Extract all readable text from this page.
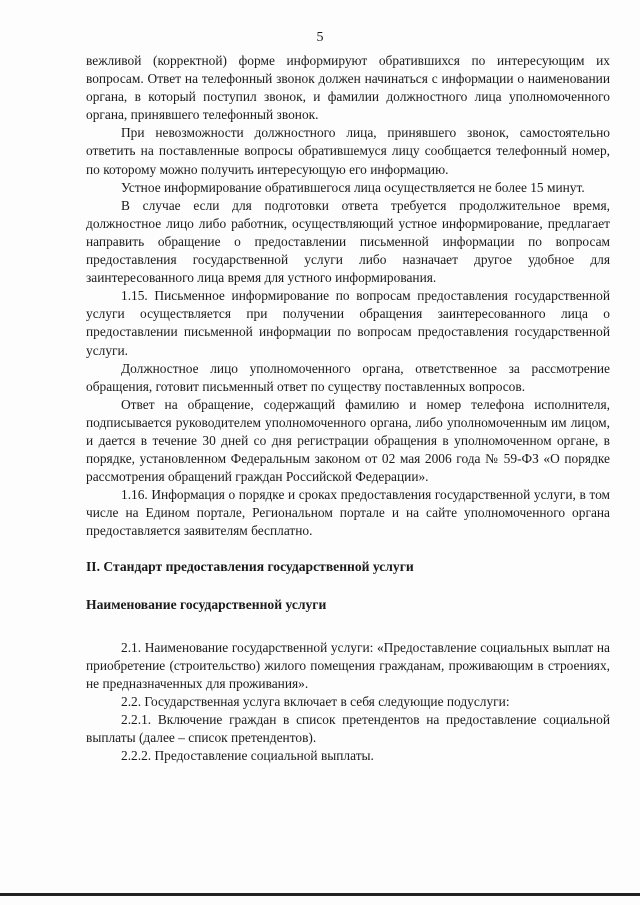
5

вежливой (корректной) форме информируют обратившихся по интересующим их вопросам. Ответ на телефонный звонок должен начинаться с информации о наименовании органа, в который поступил звонок, и фамилии должностного лица уполномоченного органа, принявшего телефонный звонок.

При невозможности должностного лица, принявшего звонок, самостоятельно ответить на поставленные вопросы обратившемуся лицу сообщается телефонный номер, по которому можно получить интересующую его информацию.

Устное информирование обратившегося лица осуществляется не более 15 минут.

В случае если для подготовки ответа требуется продолжительное время, должностное лицо либо работник, осуществляющий устное информирование, предлагает направить обращение о предоставлении письменной информации по вопросам предоставления государственной услуги либо назначает другое удобное для заинтересованного лица время для устного информирования.

1.15. Письменное информирование по вопросам предоставления государственной услуги осуществляется при получении обращения заинтересованного лица о предоставлении письменной информации по вопросам предоставления государственной услуги.

Должностное лицо уполномоченного органа, ответственное за рассмотрение обращения, готовит письменный ответ по существу поставленных вопросов.

Ответ на обращение, содержащий фамилию и номер телефона исполнителя, подписывается руководителем уполномоченного органа, либо уполномоченным им лицом, и дается в течение 30 дней со дня регистрации обращения в уполномоченном органе, в порядке, установленном Федеральным законом от 02 мая 2006 года № 59-ФЗ «О порядке рассмотрения обращений граждан Российской Федерации».

1.16. Информация о порядке и сроках предоставления государственной услуги, в том числе на Едином портале, Региональном портале и на сайте уполномоченного органа предоставляется заявителям бесплатно.

II. Стандарт предоставления государственной услуги

Наименование государственной услуги

2.1. Наименование государственной услуги: «Предоставление социальных выплат на приобретение (строительство) жилого помещения гражданам, проживающим в строениях, не предназначенных для проживания».

2.2. Государственная услуга включает в себя следующие подуслуги:

2.2.1. Включение граждан в список претендентов на предоставление социальной выплаты (далее – список претендентов).

2.2.2. Предоставление социальной выплаты.
